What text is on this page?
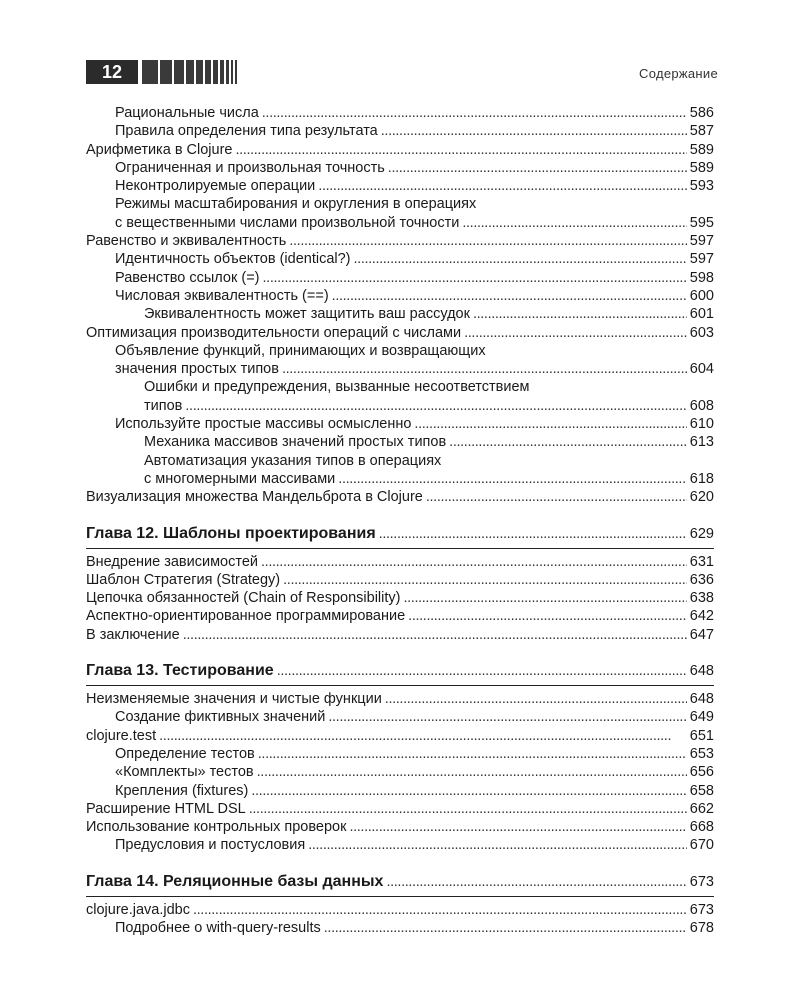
12	Содержание
Рациональные числа . . .	586
Правила определения типа результата . . .	587
Арифметика в Clojure . . .	589
Ограниченная и произвольная точность . . .	589
Неконтролируемые операции . . .	593
Режимы масштабирования и округления в операциях
с вещественными числами произвольной точности . . .	595
Равенство и эквивалентность . . .	597
Идентичность объектов (identical?) . . .	597
Равенство ссылок (=) . . .	598
Числовая эквивалентность (==) . . .	600
Эквивалентность может защитить ваш рассудок . . .	601
Оптимизация производительности операций с числами . . .	603
Объявление функций, принимающих и возвращающих
значения простых типов . . .	604
Ошибки и предупреждения, вызванные несоответствием
типов . . .	608
Используйте простые массивы осмысленно . . .	610
Механика массивов значений простых типов . . .	613
Автоматизация указания типов в операциях
с многомерными массивами . . .	618
Визуализация множества Мандельброта в Clojure . . .	620
Глава 12. Шаблоны проектирования . . .	629
Внедрение зависимостей . . .	631
Шаблон Стратегия (Strategy) . . .	636
Цепочка обязанностей (Chain of Responsibility) . . .	638
Аспектно-ориентированное программирование . . .	642
В заключение . . .	647
Глава 13. Тестирование . . .	648
Неизменяемые значения и чистые функции . . .	648
Создание фиктивных значений . . .	649
clojure.test . . .	651
Определение тестов . . .	653
«Комплекты» тестов . . .	656
Крепления (fixtures) . . .	658
Расширение HTML DSL . . .	662
Использование контрольных проверок . . .	668
Предусловия и постусловия . . .	670
Глава 14. Реляционные базы данных . . .	673
clojure.java.jdbc . . .	673
Подробнее о with-query-results . . .	678
